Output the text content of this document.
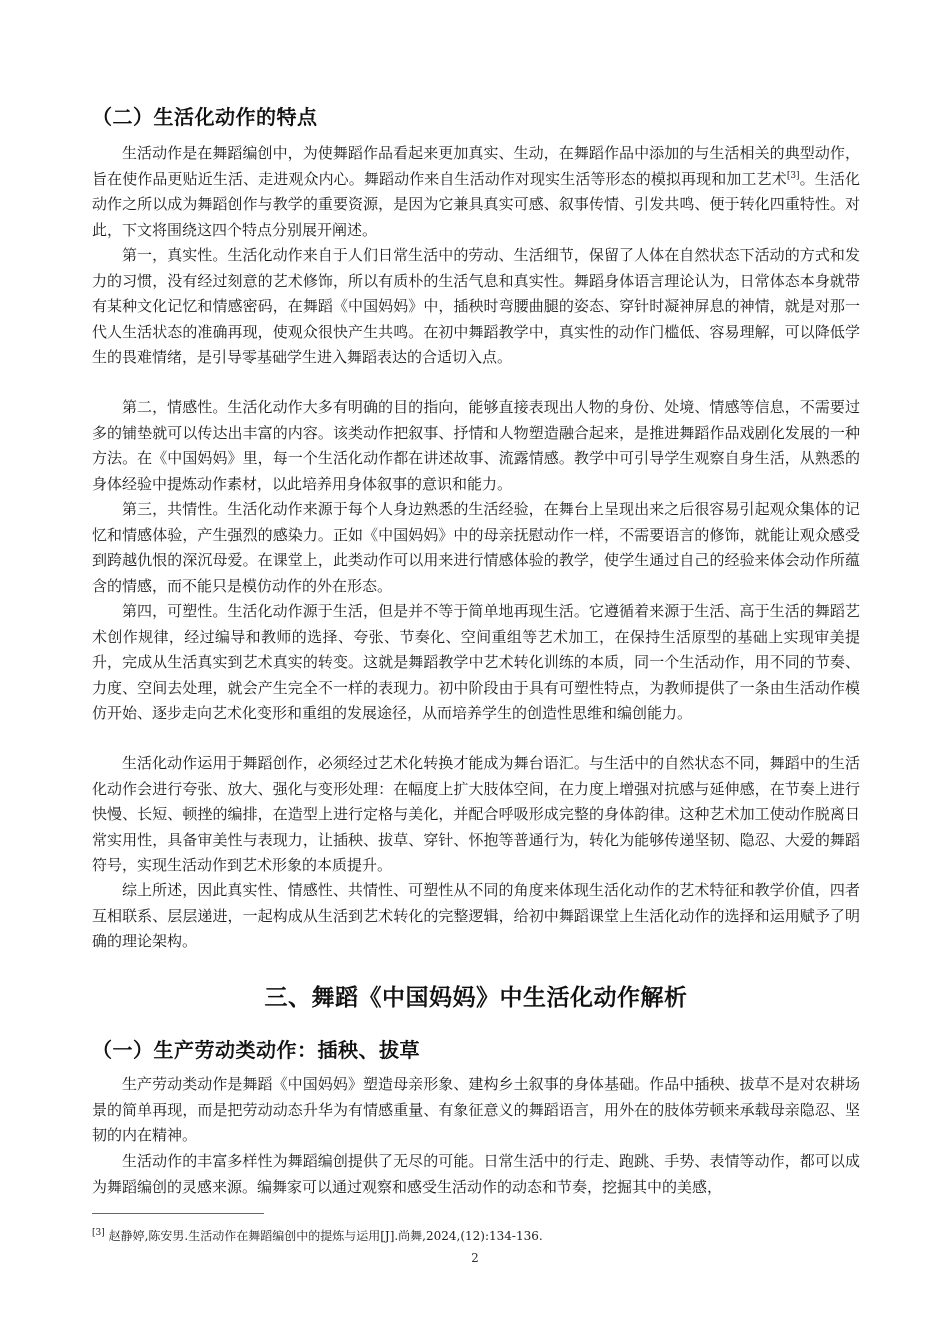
（二）生活化动作的特点

生活动作是在舞蹈编创中，为使舞蹈作品看起来更加真实、生动，在舞蹈作品中添加的与生活相关的典型动作，旨在使作品更贴近生活、走进观众内心。舞蹈动作来自生活动作对现实生活等形态的模拟再现和加工艺术[3]。生活化动作之所以成为舞蹈创作与教学的重要资源，是因为它兼具真实可感、叙事传情、引发共鸣、便于转化四重特性。对此，下文将围绕这四个特点分别展开阐述。

第一，真实性。生活化动作来自于人们日常生活中的劳动、生活细节，保留了人体在自然状态下活动的方式和发力的习惯，没有经过刻意的艺术修饰，所以有质朴的生活气息和真实性。舞蹈身体语言理论认为，日常体态本身就带有某种文化记忆和情感密码，在舞蹈《中国妈妈》中，插秧时弯腰曲腿的姿态、穿针时凝神屏息的神情，就是对那一代人生活状态的准确再现，使观众很快产生共鸣。在初中舞蹈教学中，真实性的动作门槛低、容易理解，可以降低学生的畏难情绪，是引导零基础学生进入舞蹈表达的合适切入点。

第二，情感性。生活化动作大多有明确的目的指向，能够直接表现出人物的身份、处境、情感等信息，不需要过多的铺垫就可以传达出丰富的内容。该类动作把叙事、抒情和人物塑造融合起来，是推进舞蹈作品戏剧化发展的一种方法。在《中国妈妈》里，每一个生活化动作都在讲述故事、流露情感。教学中可引导学生观察自身生活，从熟悉的身体经验中提炼动作素材，以此培养用身体叙事的意识和能力。

第三，共情性。生活化动作来源于每个人身边熟悉的生活经验，在舞台上呈现出来之后很容易引起观众集体的记忆和情感体验，产生强烈的感染力。正如《中国妈妈》中的母亲抚慰动作一样，不需要语言的修饰，就能让观众感受到跨越仇恨的深沉母爱。在课堂上，此类动作可以用来进行情感体验的教学，使学生通过自己的经验来体会动作所蕴含的情感，而不能只是模仿动作的外在形态。

第四，可塑性。生活化动作源于生活，但是并不等于简单地再现生活。它遵循着来源于生活、高于生活的舞蹈艺术创作规律，经过编导和教师的选择、夸张、节奏化、空间重组等艺术加工，在保持生活原型的基础上实现审美提升，完成从生活真实到艺术真实的转变。这就是舞蹈教学中艺术转化训练的本质，同一个生活动作，用不同的节奏、力度、空间去处理，就会产生完全不一样的表现力。初中阶段由于具有可塑性特点，为教师提供了一条由生活动作模仿开始、逐步走向艺术化变形和重组的发展途径，从而培养学生的创造性思维和编创能力。

生活化动作运用于舞蹈创作，必须经过艺术化转换才能成为舞台语汇。与生活中的自然状态不同，舞蹈中的生活化动作会进行夸张、放大、强化与变形处理：在幅度上扩大肢体空间，在力度上增强对抗感与延伸感，在节奏上进行快慢、长短、顿挫的编排，在造型上进行定格与美化，并配合呼吸形成完整的身体韵律。这种艺术加工使动作脱离日常实用性，具备审美性与表现力，让插秧、拔草、穿针、怀抱等普通行为，转化为能够传递坚韧、隐忍、大爱的舞蹈符号，实现生活动作到艺术形象的本质提升。

综上所述，因此真实性、情感性、共情性、可塑性从不同的角度来体现生活化动作的艺术特征和教学价值，四者互相联系、层层递进，一起构成从生活到艺术转化的完整逻辑，给初中舞蹈课堂上生活化动作的选择和运用赋予了明确的理论架构。

三、舞蹈《中国妈妈》中生活化动作解析
（一）生产劳动类动作：插秧、拔草

生产劳动类动作是舞蹈《中国妈妈》塑造母亲形象、建构乡土叙事的身体基础。作品中插秧、拔草不是对农耕场景的简单再现，而是把劳动动态升华为有情感重量、有象征意义的舞蹈语言，用外在的肢体劳顿来承载母亲隐忍、坚韧的内在精神。

生活动作的丰富多样性为舞蹈编创提供了无尽的可能。日常生活中的行走、跑跳、手势、表情等动作，都可以成为舞蹈编创的灵感来源。编舞家可以通过观察和感受生活动作的动态和节奏，挖掘其中的美感，

[3] 赵静婷,陈安男.生活动作在舞蹈编创中的提炼与运用[J].尚舞,2024,(12):134-136.
2
